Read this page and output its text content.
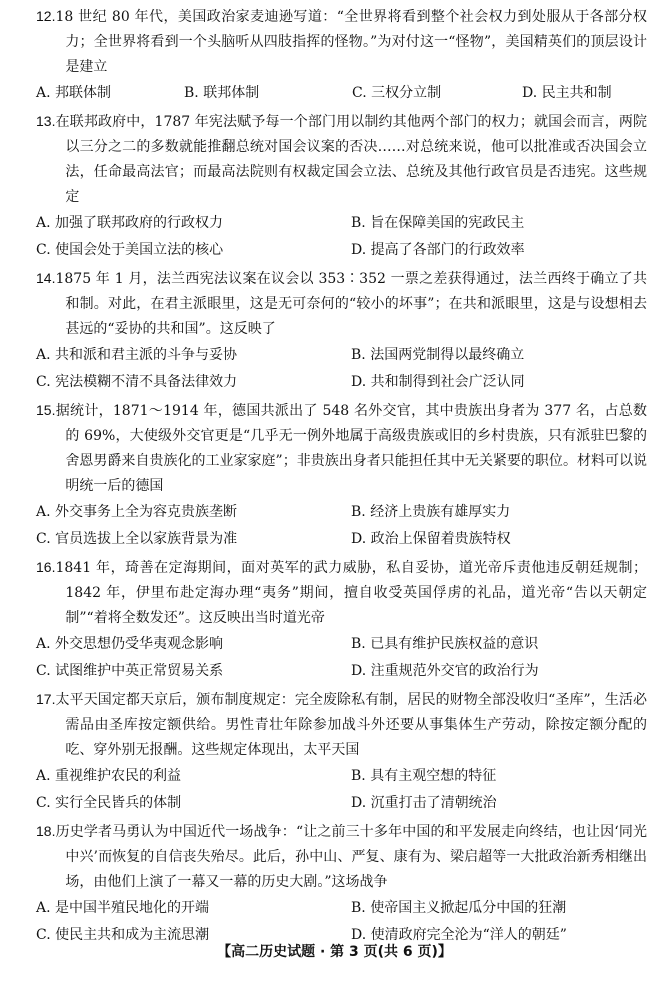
12.18 世纪 80 年代，美国政治家麦迪逊写道：“全世界将看到整个社会权力到处服从于各部分权力；全世界将看到一个头脑听从四肢指挥的怪物。”为对付这一“怪物”，美国精英们的顶层设计是建立
A. 邦联体制	B. 联邦体制	C. 三权分立制	D. 民主共和制
13.在联邦政府中，1787 年宪法赋予每一个部门用以制约其他两个部门的权力；就国会而言，两院以三分之二的多数就能推翻总统对国会议案的否决……对总统来说，他可以批准或否决国会立法，任命最高法官；而最高法院则有权裁定国会立法、总统及其他行政官员是否违宪。这些规定
A. 加强了联邦政府的行政权力	B. 旨在保障美国的宪政民主
C. 使国会处于美国立法的核心	D. 提高了各部门的行政效率
14.1875 年 1 月，法兰西宪法议案在议会以 353∶352 一票之差获得通过，法兰西终于确立了共和制。对此，在君主派眼里，这是无可奈何的“较小的坏事”；在共和派眼里，这是与设想相去甚远的“妥协的共和国”。这反映了
A. 共和派和君主派的斗争与妥协	B. 法国两党制得以最终确立
C. 宪法模糊不清不具备法律效力	D. 共和制得到社会广泛认同
15.据统计，1871～1914 年，德国共派出了 548 名外交官，其中贵族出身者为 377 名，占总数的 69%，大使级外交官更是“几乎无一例外地属于高级贵族或旧的乡村贵族，只有派驻巴黎的舍恩男爵来自贵族化的工业家家庭”；非贵族出身者只能担任其中无关紧要的职位。材料可以说明统一后的德国
A. 外交事务上全为容克贵族垄断	B. 经济上贵族有雄厚实力
C. 官员选拔上全以家族背景为准	D. 政治上保留着贵族特权
16.1841 年，琦善在定海期间，面对英军的武力威胁，私自妥协，道光帝斥责他违反朝廷规制；1842 年，伊里布赴定海办理“夷务”期间，擅自收受英国俘虏的礼品，道光帝“告以天朝定制”“着将全数发还”。这反映出当时道光帝
A. 外交思想仍受华夷观念影响	B. 已具有维护民族权益的意识
C. 试图维护中英正常贸易关系	D. 注重规范外交官的政治行为
17.太平天国定都天京后，颁布制度规定：完全废除私有制，居民的财物全部没收归“圣库”，生活必需品由圣库按定额供给。男性青壮年除参加战斗外还要从事集体生产劳动，除按定额分配的吃、穿外别无报酬。这些规定体现出，太平天国
A. 重视维护农民的利益	B. 具有主观空想的特征
C. 实行全民皆兵的体制	D. 沉重打击了清朝统治
18.历史学者马勇认为中国近代一场战争：“让之前三十多年中国的和平发展走向终结，也让因‘同光中兴’而恢复的自信丧失殆尽。此后，孙中山、严复、康有为、梁启超等一大批政治新秀相继出场，由他们上演了一幕又一幕的历史大剧。”这场战争
A. 是中国半殖民地化的开端	B. 使帝国主义掀起瓜分中国的狂潮
C. 使民主共和成为主流思潮	D. 使清政府完全沦为“洋人的朝廷”
【高二历史试题 · 第 3 页(共 6 页)】
